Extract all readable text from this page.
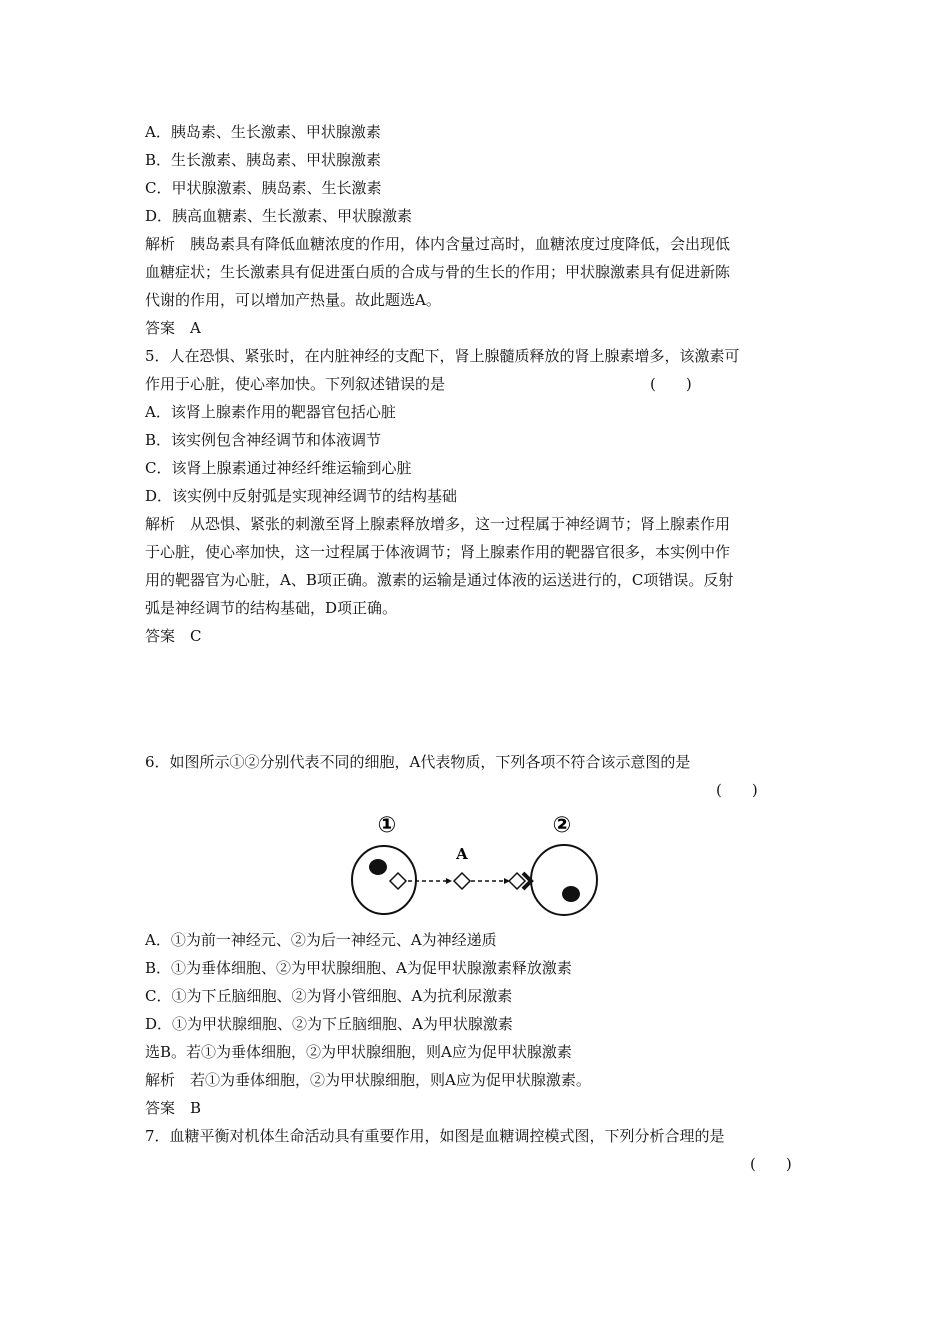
A．胰岛素、生长激素、甲状腺激素
B．生长激素、胰岛素、甲状腺激素
C．甲状腺激素、胰岛素、生长激素
D．胰高血糖素、生长激素、甲状腺激素
解析　胰岛素具有降低血糖浓度的作用，体内含量过高时，血糖浓度过度降低，会出现低
血糖症状；生长激素具有促进蛋白质的合成与骨的生长的作用；甲状腺激素具有促进新陈
代谢的作用，可以增加产热量。故此题选A。
答案　A
5．人在恐惧、紧张时，在内脏神经的支配下，肾上腺髓质释放的肾上腺素增多，该激素可
作用于心脏，使心率加快。下列叙述错误的是	(　　)
A．该肾上腺素作用的靶器官包括心脏
B．该实例包含神经调节和体液调节
C．该肾上腺素通过神经纤维运输到心脏
D．该实例中反射弧是实现神经调节的结构基础
解析　从恐惧、紧张的刺激至肾上腺素释放增多，这一过程属于神经调节；肾上腺素作用
于心脏，使心率加快，这一过程属于体液调节；肾上腺素作用的靶器官很多，本实例中作
用的靶器官为心脏，A、B项正确。激素的运输是通过体液的运送进行的，C项错误。反射
弧是神经调节的结构基础，D项正确。
答案　C
6．如图所示①②分别代表不同的细胞，A代表物质，下列各项不符合该示意图的是
(　　)
①	②
A
A．①为前一神经元、②为后一神经元、A为神经递质
B．①为垂体细胞、②为甲状腺细胞、A为促甲状腺激素释放激素
C．①为下丘脑细胞、②为肾小管细胞、A为抗利尿激素
D．①为甲状腺细胞、②为下丘脑细胞、A为甲状腺激素
选B。若①为垂体细胞，②为甲状腺细胞，则A应为促甲状腺激素
解析　若①为垂体细胞，②为甲状腺细胞，则A应为促甲状腺激素。
答案　B
7．血糖平衡对机体生命活动具有重要作用，如图是血糖调控模式图，下列分析合理的是
(　　)
